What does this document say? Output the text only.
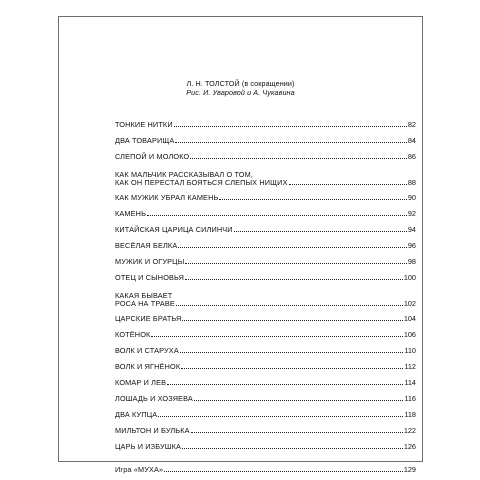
Л. Н. ТОЛСТОЙ (в сокращении)
Рис. И. Уваровой и А. Чукавина
ТОНКИЕ НИТКИ	82
ДВА ТОВАРИЩА	84
СЛЕПОЙ И МОЛОКО	86
КАК МАЛЬЧИК РАССКАЗЫВАЛ О ТОМ,
КАК ОН ПЕРЕСТАЛ БОЯТЬСЯ СЛЕПЫХ НИЩИХ	88
КАК МУЖИК УБРАЛ КАМЕНЬ	90
КАМЕНЬ	92
КИТАЙСКАЯ ЦАРИЦА СИЛИНЧИ	94
ВЕСЁЛАЯ БЕЛКА	96
МУЖИК И ОГУРЦЫ	98
ОТЕЦ И СЫНОВЬЯ	100
КАКАЯ БЫВАЕТ
РОСА НА ТРАВЕ	102
ЦАРСКИЕ БРАТЬЯ	104
КОТЁНОК	106
ВОЛК И СТАРУХА	110
ВОЛК И ЯГНЁНОК	112
КОМАР И ЛЕВ	114
ЛОШАДЬ И ХОЗЯЕВА	116
ДВА КУПЦА	118
МИЛЬТОН И БУЛЬКА	122
ЦАРЬ И ИЗБУШКА	126
Игра «МУХА»	129
